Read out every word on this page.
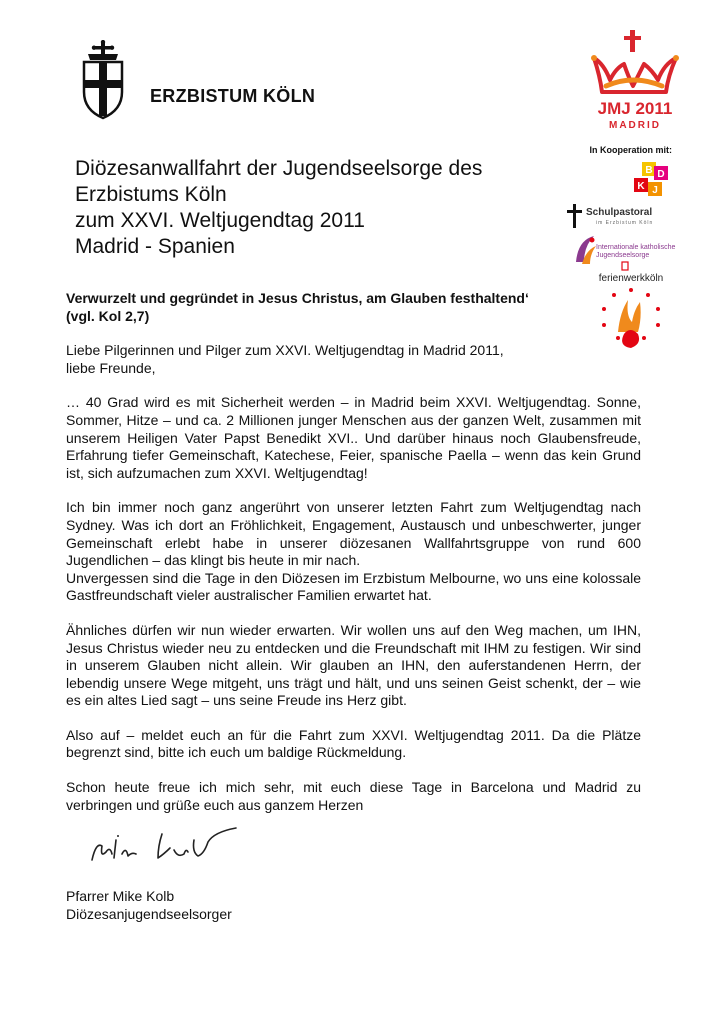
ERZBISTUM KÖLN
JMJ 2011
MADRID
In Kooperation mit:
B D
K J
Schulpastoral
im Erzbistum Köln
Internationale katholische
Jugendseelsorge
ferienwerkköln
Diözesanwallfahrt der Jugendseelsorge des
Erzbistums Köln
zum XXVI. Weltjugendtag 2011
Madrid - Spanien

Verwurzelt und gegründet in Jesus Christus, am Glauben festhaltend‘
(vgl. Kol 2,7)

Liebe Pilgerinnen und Pilger zum XXVI. Weltjugendtag in Madrid 2011,
liebe Freunde,

… 40 Grad wird es mit Sicherheit werden – in Madrid beim XXVI. Weltjugendtag. Sonne, Sommer, Hitze – und ca. 2 Millionen junger Menschen aus der ganzen Welt, zusammen mit unserem Heiligen Vater Papst Benedikt XVI.. Und darüber hinaus noch Glaubensfreude, Erfahrung tiefer Gemeinschaft, Katechese, Feier, spanische Paella – wenn das kein Grund ist, sich aufzumachen zum XXVI. Weltjugendtag!

Ich bin immer noch ganz angerührt von unserer letzten Fahrt zum Weltjugendtag nach Sydney. Was ich dort an Fröhlichkeit, Engagement, Austausch und unbeschwerter, junger Gemeinschaft erlebt habe in unserer diözesanen Wallfahrtsgruppe von rund 600 Jugendlichen – das klingt bis heute in mir nach.

Unvergessen sind die Tage in den Diözesen im Erzbistum Melbourne, wo uns eine kolossale Gastfreundschaft vieler australischer Familien erwartet hat.

Ähnliches dürfen wir nun wieder erwarten. Wir wollen uns auf den Weg machen, um IHN, Jesus Christus wieder neu zu entdecken und die Freundschaft mit IHM zu festigen. Wir sind in unserem Glauben nicht allein. Wir glauben an IHN, den auferstandenen Herrn, der lebendig unsere Wege mitgeht, uns trägt und hält, und uns seinen Geist schenkt, der – wie es ein altes Lied sagt – uns seine Freude ins Herz gibt.

Also auf – meldet euch an für die Fahrt zum XXVI. Weltjugendtag 2011. Da die Plätze begrenzt sind, bitte ich euch um baldige Rückmeldung.

Schon heute freue ich mich sehr, mit euch diese Tage in Barcelona und Madrid zu verbringen und grüße euch aus ganzem Herzen

Pfarrer Mike Kolb
Diözesanjugendseelsorger
